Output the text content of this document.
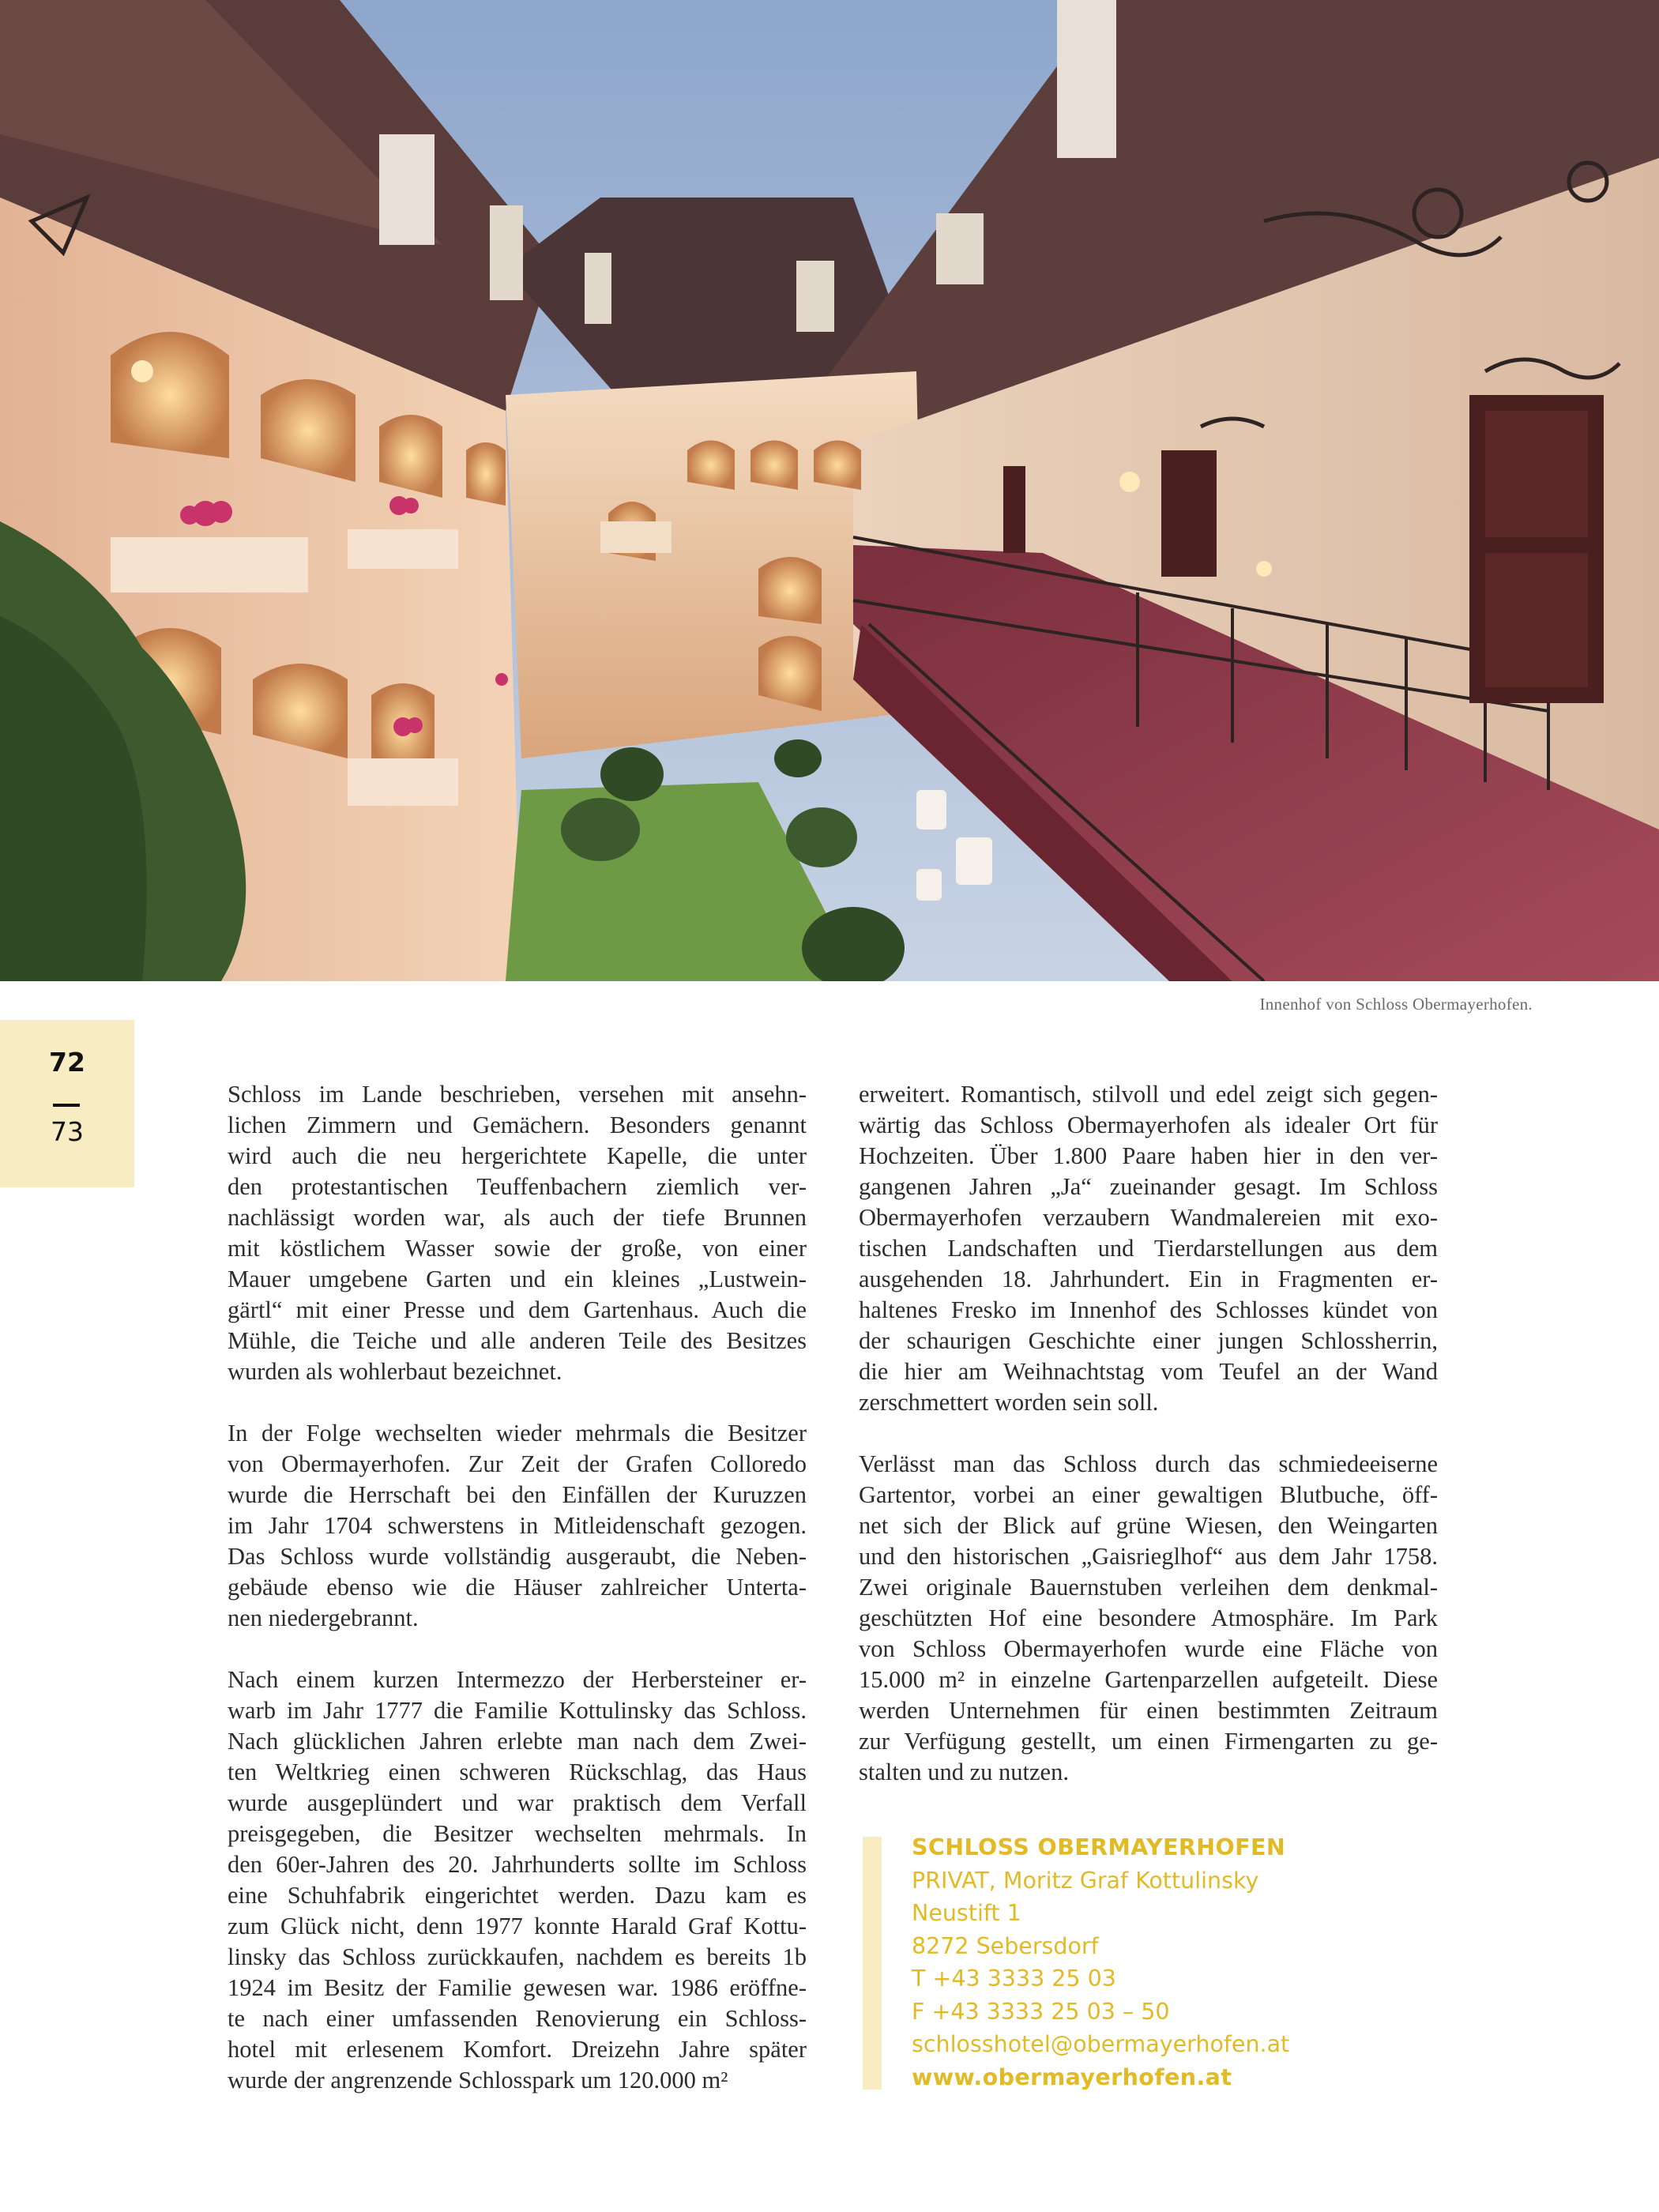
Innenhof von Schloss Obermayerhofen.
72
73
Schloss im Lande beschrieben, versehen mit ansehn-
lichen Zimmern und Gemächern. Besonders genannt
wird auch die neu hergerichtete Kapelle, die unter
den protestantischen Teuffenbachern ziemlich ver-
nachlässigt worden war, als auch der tiefe Brunnen
mit köstlichem Wasser sowie der große, von einer
Mauer umgebene Garten und ein kleines „Lustwein-
gärtl“ mit einer Presse und dem Gartenhaus. Auch die
Mühle, die Teiche und alle anderen Teile des Besitzes
wurden als wohlerbaut bezeichnet.
In der Folge wechselten wieder mehrmals die Besitzer
von Obermayerhofen. Zur Zeit der Grafen Colloredo
wurde die Herrschaft bei den Einfällen der Kuruzzen
im Jahr 1704 schwerstens in Mitleidenschaft gezogen.
Das Schloss wurde vollständig ausgeraubt, die Neben-
gebäude ebenso wie die Häuser zahlreicher Unterta-
nen niedergebrannt.
Nach einem kurzen Intermezzo der Herbersteiner er-
warb im Jahr 1777 die Familie Kottulinsky das Schloss.
Nach glücklichen Jahren erlebte man nach dem Zwei-
ten Weltkrieg einen schweren Rückschlag, das Haus
wurde ausgeplündert und war praktisch dem Verfall
preisgegeben, die Besitzer wechselten mehrmals. In
den 60er-Jahren des 20. Jahrhunderts sollte im Schloss
eine Schuhfabrik eingerichtet werden. Dazu kam es
zum Glück nicht, denn 1977 konnte Harald Graf Kottu-
linsky das Schloss zurückkaufen, nachdem es bereits 1b
1924 im Besitz der Familie gewesen war. 1986 eröffne-
te nach einer umfassenden Renovierung ein Schloss-
hotel mit erlesenem Komfort. Dreizehn Jahre später
wurde der angrenzende Schlosspark um 120.000 m²
erweitert. Romantisch, stilvoll und edel zeigt sich gegen-
wärtig das Schloss Obermayerhofen als idealer Ort für
Hochzeiten. Über 1.800 Paare haben hier in den ver-
gangenen Jahren „Ja“ zueinander gesagt. Im Schloss
Obermayerhofen verzaubern Wandmalereien mit exo-
tischen Landschaften und Tierdarstellungen aus dem
ausgehenden 18. Jahrhundert. Ein in Fragmenten er-
haltenes Fresko im Innenhof des Schlosses kündet von
der schaurigen Geschichte einer jungen Schlossherrin,
die hier am Weihnachtstag vom Teufel an der Wand
zerschmettert worden sein soll.
Verlässt man das Schloss durch das schmiedeeiserne
Gartentor, vorbei an einer gewaltigen Blutbuche, öff-
net sich der Blick auf grüne Wiesen, den Weingarten
und den historischen „Gaisrieglhof“ aus dem Jahr 1758.
Zwei originale Bauernstuben verleihen dem denkmal-
geschützten Hof eine besondere Atmosphäre. Im Park
von Schloss Obermayerhofen wurde eine Fläche von
15.000 m² in einzelne Gartenparzellen aufgeteilt. Diese
werden Unternehmen für einen bestimmten Zeitraum
zur Verfügung gestellt, um einen Firmengarten zu ge-
stalten und zu nutzen.
SCHLOSS OBERMAYERHOFEN
PRIVAT, Moritz Graf Kottulinsky
Neustift 1
8272 Sebersdorf
T +43 3333 25 03
F +43 3333 25 03 – 50
schlosshotel@obermayerhofen.at
www.obermayerhofen.at
